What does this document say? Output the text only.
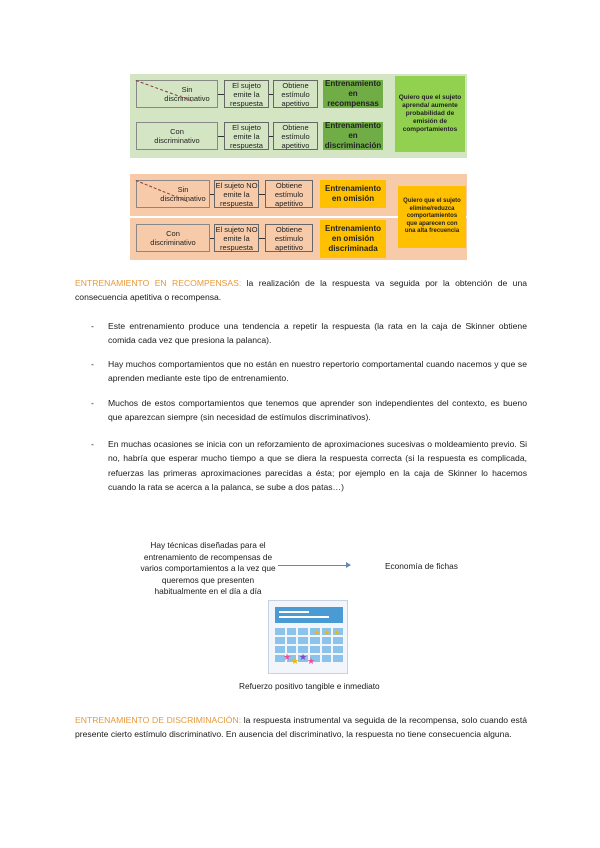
Sin discriminativo
El sujeto emite la respuesta
Obtiene estímulo apetitivo
Entrenamiento en recompensas
Con discriminativo
El sujeto emite la respuesta
Obtiene estímulo apetitivo
Entrenamiento en discriminación
Quiero que el sujeto aprenda/ aumente probabilidad de emisión de comportamientos
Sin discriminativo
El sujeto NO emite la respuesta
Obtiene estímulo apetitivo
Entrenamiento en omisión
Con discriminativo
El sujeto NO emite la respuesta
Obtiene estímulo apetitivo
Entrenamiento en omisión discriminada
Quiero que el sujeto elimine/reduzca comportamientos que aparecen con una alta frecuencia
ENTRENAMIENTO EN RECOMPENSAS: la realización de la respuesta va seguida por la obtención de una consecuencia apetitiva o recompensa.
- Este entrenamiento produce una tendencia a repetir la respuesta (la rata en la caja de Skinner obtiene comida cada vez que presiona la palanca).
- Hay muchos comportamientos que no están en nuestro repertorio comportamental cuando nacemos y que se aprenden mediante este tipo de entrenamiento.
- Muchos de estos comportamientos que tenemos que aprender son independientes del contexto, es bueno que aparezcan siempre (sin necesidad de estímulos discriminativos).
- En muchas ocasiones se inicia con un reforzamiento de aproximaciones sucesivas o moldeamiento previo. Si no, habría que esperar mucho tiempo a que se diera la respuesta correcta (si la respuesta es complicada, refuerzas las primeras aproximaciones parecidas a ésta; por ejemplo en la caja de Skinner lo hacemos cuando la rata se acerca a la palanca, se sube a dos patas…)
Hay técnicas diseñadas para el entrenamiento de recompensas de varios comportamientos a la vez que queremos que presenten habitualmente en el día a día
Economía de fichas
● ● ●
★ ★ ★ ★
Refuerzo positivo tangible e inmediato
ENTRENAMIENTO DE DISCRIMINACIÓN: la respuesta instrumental va seguida de la recompensa, solo cuando está presente cierto estímulo discriminativo. En ausencia del discriminativo, la respuesta no tiene consecuencia alguna.
